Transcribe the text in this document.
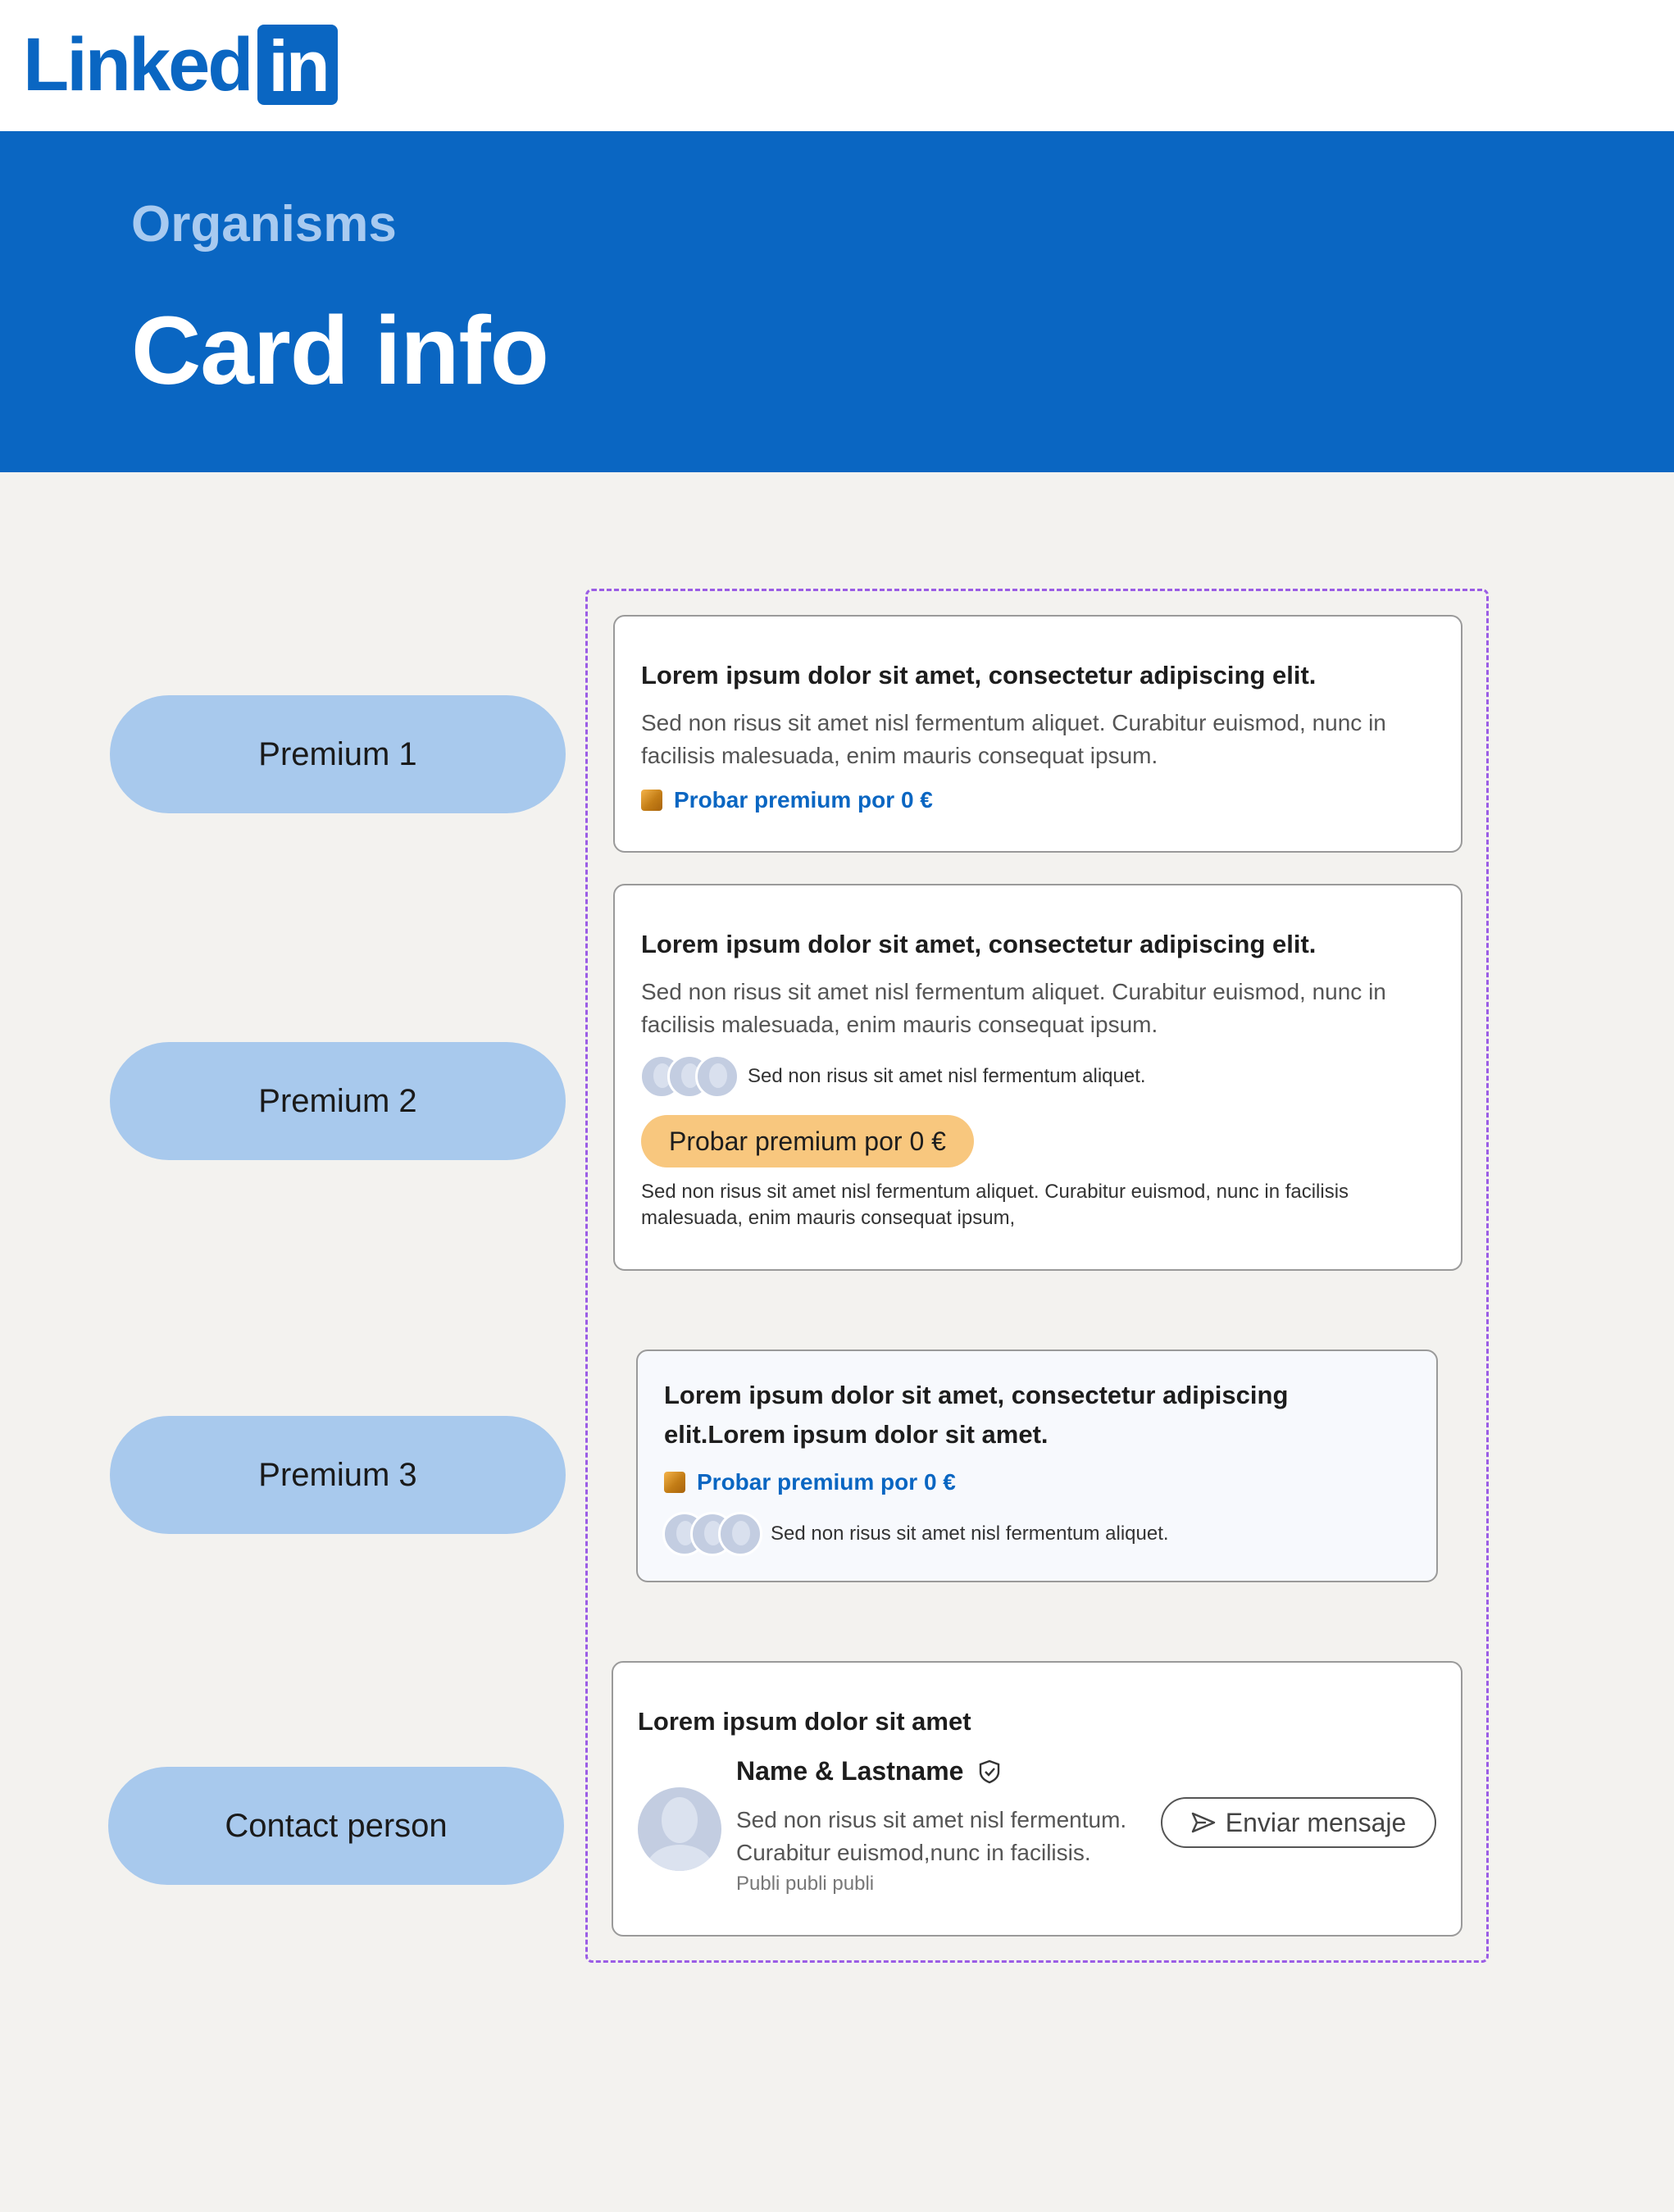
Linked in
Organisms
Card info
Premium 1
Premium 2
Premium 3
Contact person
Lorem ipsum dolor sit amet, consectetur adipiscing elit.
Sed non risus sit amet nisl fermentum aliquet. Curabitur euismod, nunc in facilisis malesuada, enim mauris consequat ipsum.
Probar premium por 0 €
Lorem ipsum dolor sit amet, consectetur adipiscing elit.
Sed non risus sit amet nisl fermentum aliquet. Curabitur euismod, nunc in facilisis malesuada, enim mauris consequat ipsum.
Sed non risus sit amet nisl fermentum aliquet.
Probar premium por 0 €
Sed non risus sit amet nisl fermentum aliquet. Curabitur euismod, nunc in facilisis malesuada, enim mauris consequat ipsum,
Lorem ipsum dolor sit amet, consectetur adipiscing elit.Lorem ipsum dolor sit amet.
Probar premium por 0 €
Sed non risus sit amet nisl fermentum aliquet.
Lorem ipsum dolor sit amet
Name & Lastname
Sed non risus sit amet nisl fermentum. Curabitur euismod,nunc in facilisis.
Publi publi publi
Enviar mensaje
